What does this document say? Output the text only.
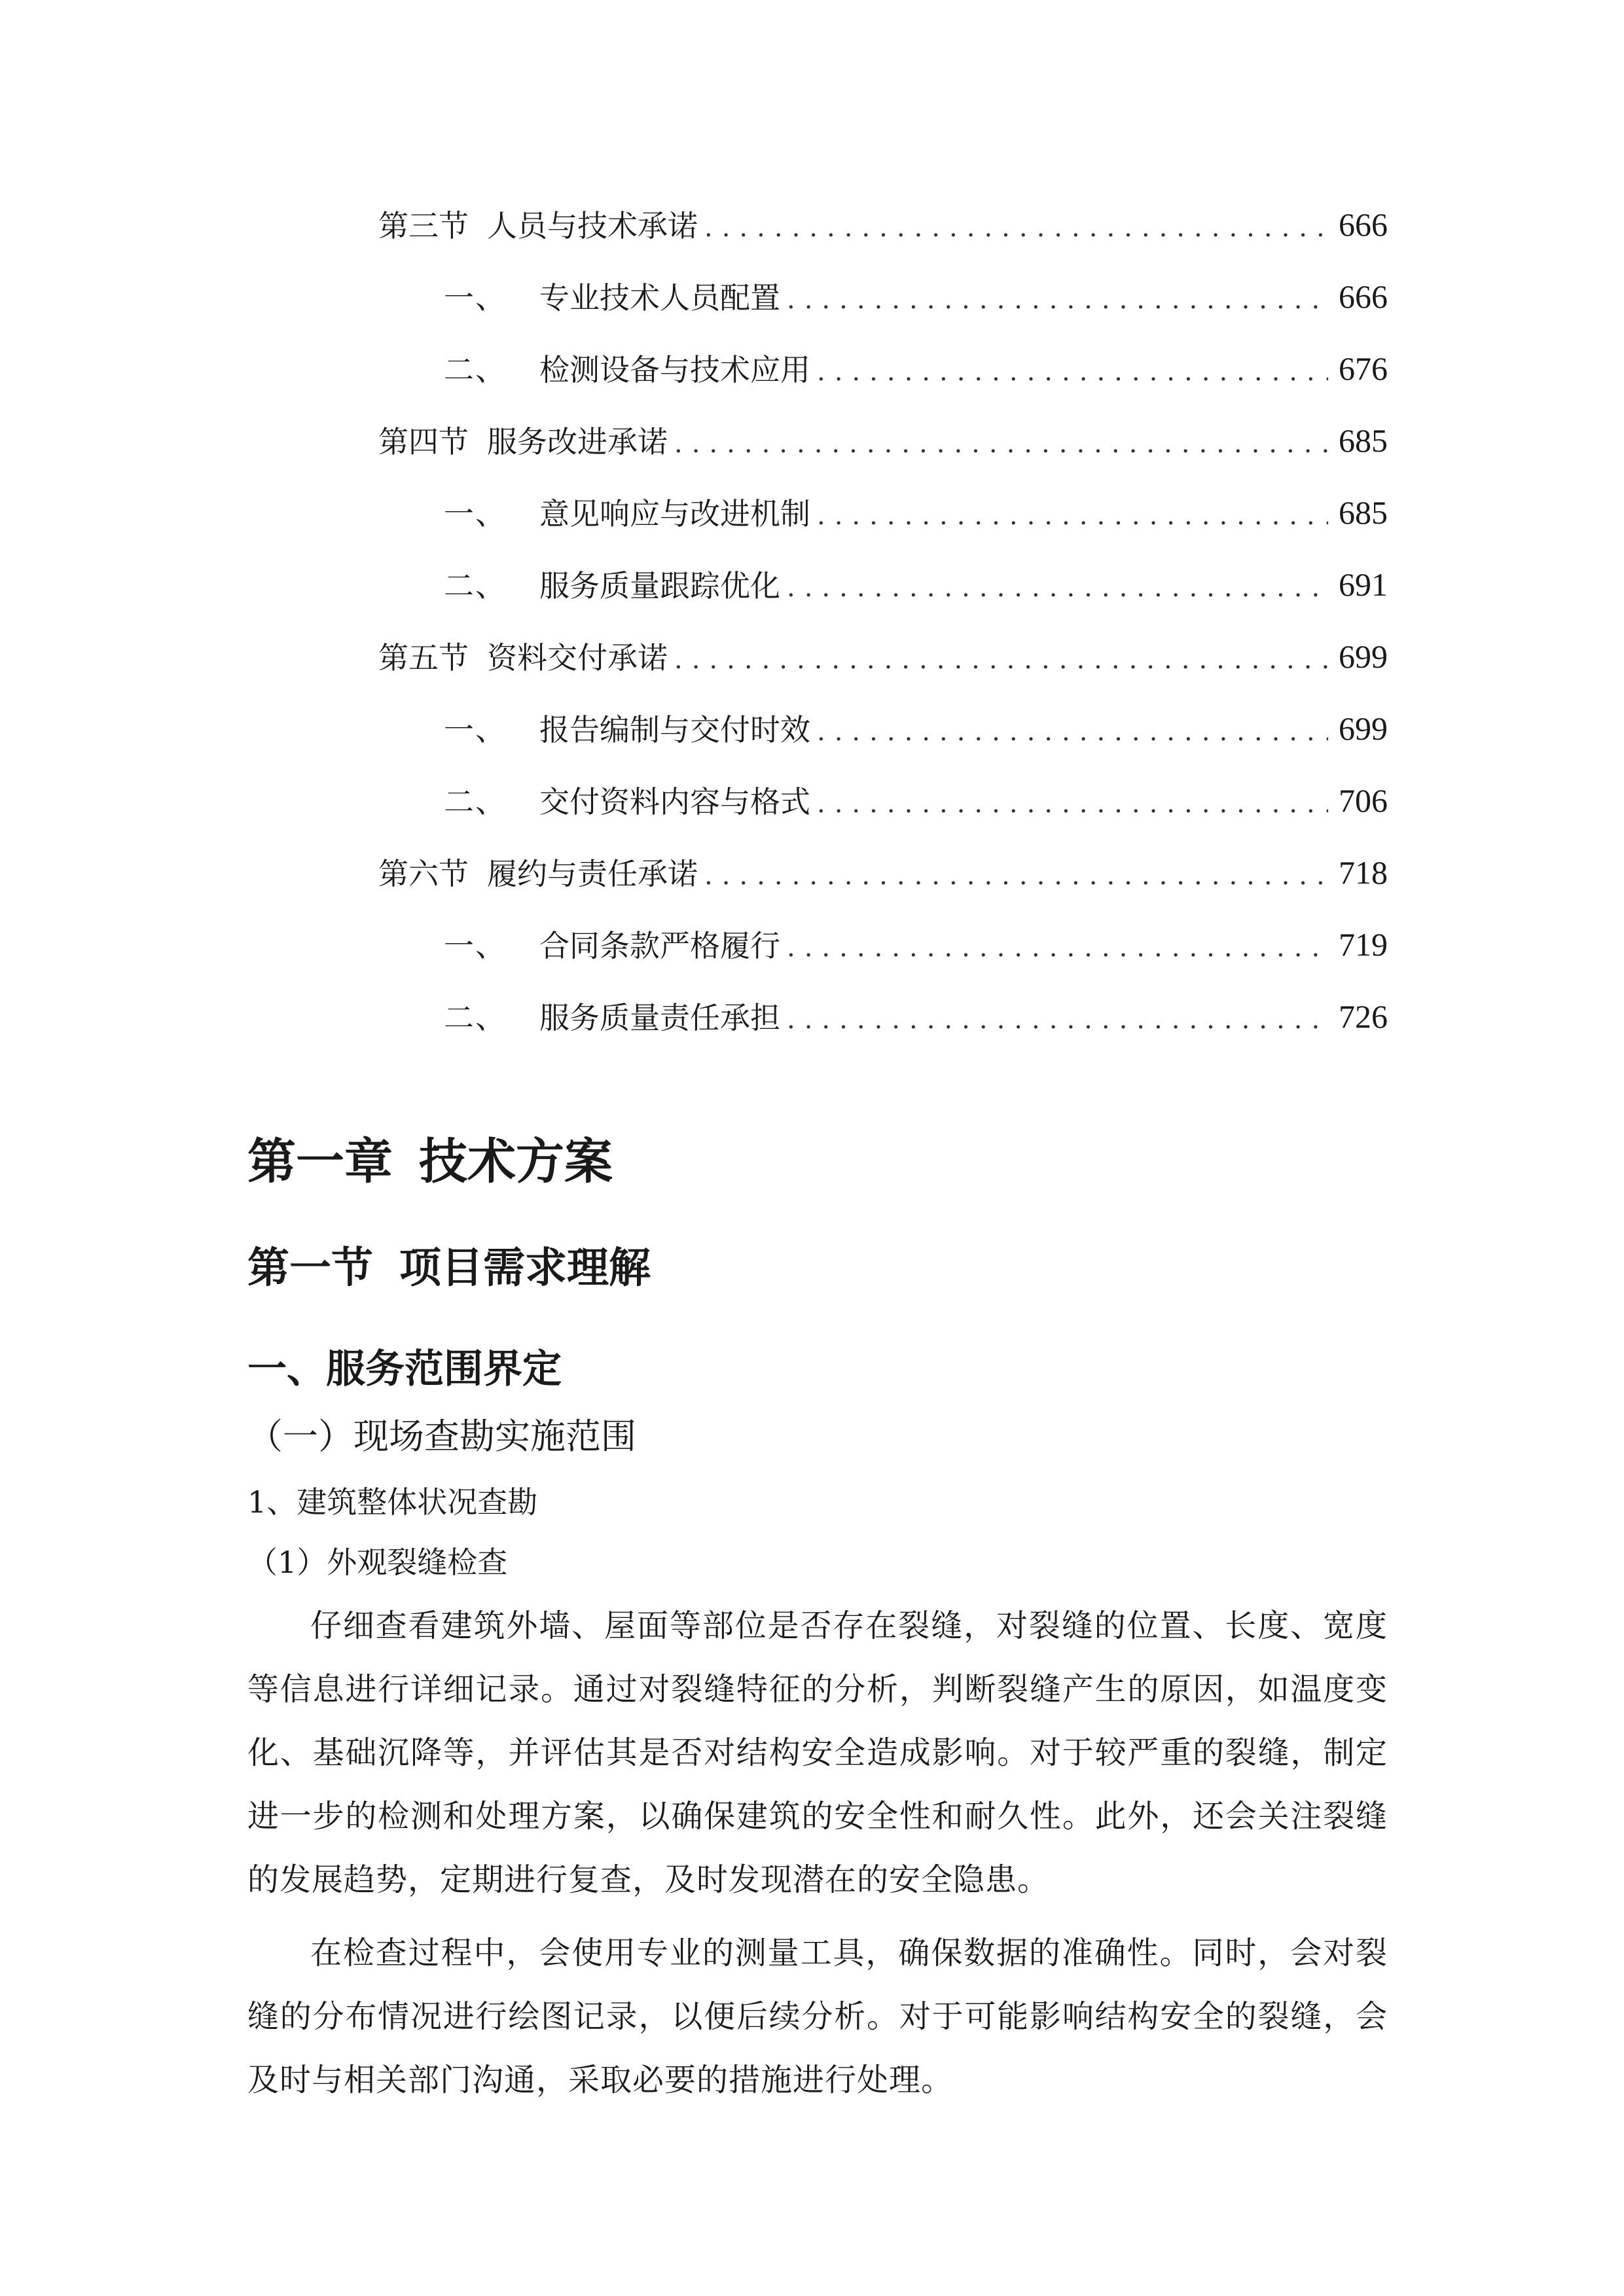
第三节 人员与技术承诺 .....	666
一、 专业技术人员配置 .....	666
二、 检测设备与技术应用 .....	676
第四节 服务改进承诺 .....	685
一、 意见响应与改进机制 .....	685
二、 服务质量跟踪优化 .....	691
第五节 资料交付承诺 .....	699
一、 报告编制与交付时效 .....	699
二、 交付资料内容与格式 .....	706
第六节 履约与责任承诺 .....	718
一、 合同条款严格履行 .....	719
二、 服务质量责任承担 .....	726
第一章 技术方案
第一节 项目需求理解
一、服务范围界定
（一）现场查勘实施范围
1、建筑整体状况查勘
（1）外观裂缝检查

仔细查看建筑外墙、屋面等部位是否存在裂缝，对裂缝的位置、长度、宽度等信息进行详细记录。通过对裂缝特征的分析，判断裂缝产生的原因，如温度变化、基础沉降等，并评估其是否对结构安全造成影响。对于较严重的裂缝，制定进一步的检测和处理方案，以确保建筑的安全性和耐久性。此外，还会关注裂缝的发展趋势，定期进行复查，及时发现潜在的安全隐患。

在检查过程中，会使用专业的测量工具，确保数据的准确性。同时，会对裂缝的分布情况进行绘图记录，以便后续分析。对于可能影响结构安全的裂缝，会及时与相关部门沟通，采取必要的措施进行处理。
